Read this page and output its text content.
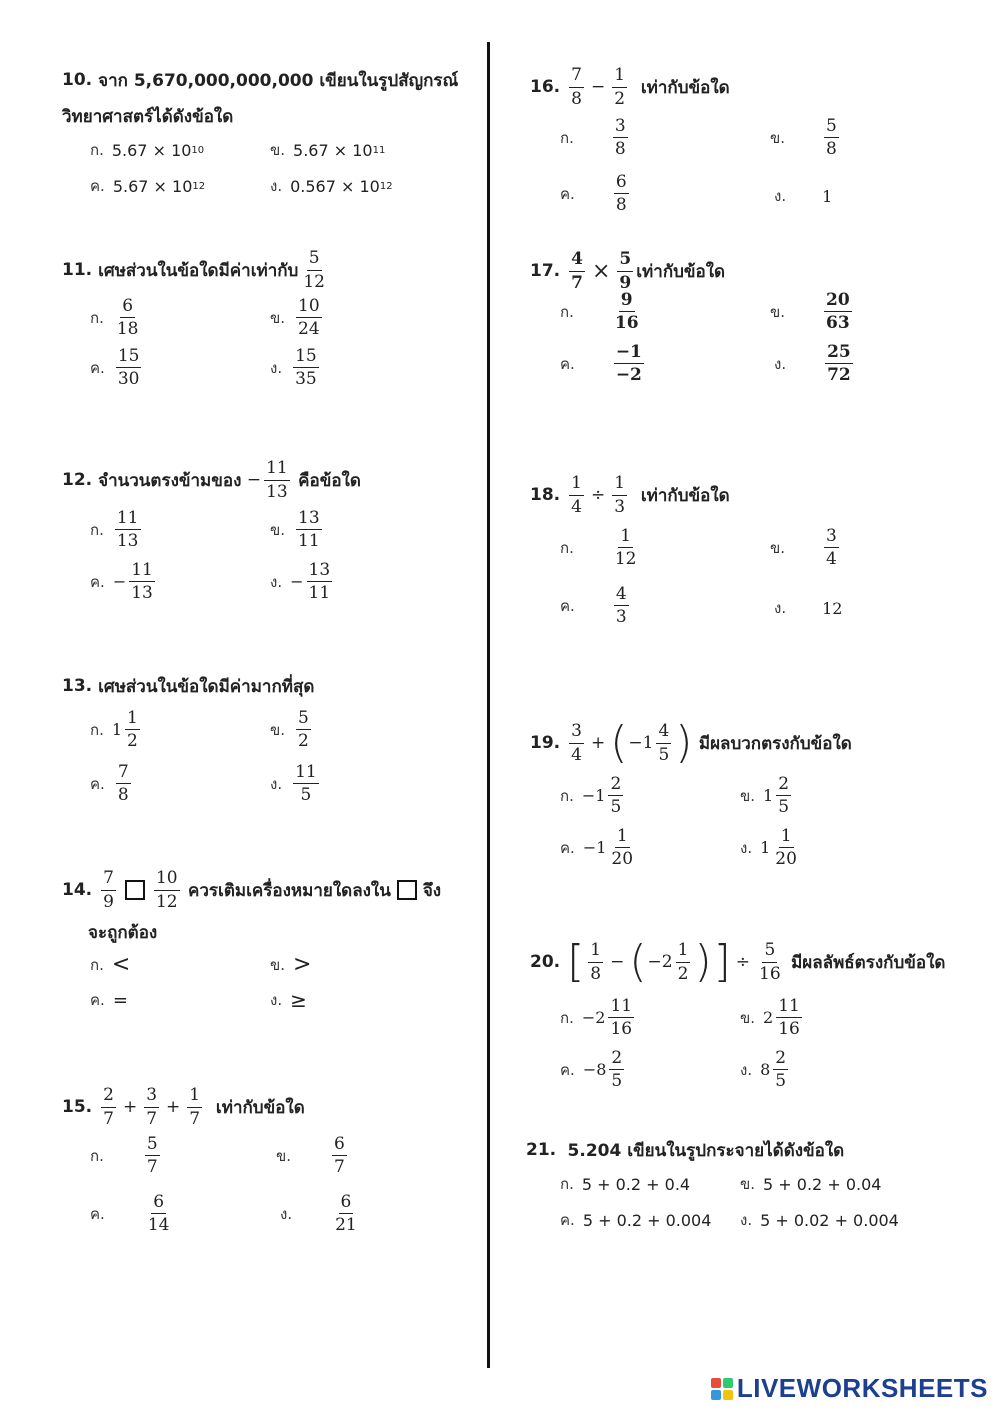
10. จาก 5,670,000,000,000 เขียนในรูปสัญกรณ์
วิทยาศาสตร์ได้ดังข้อใด
ก. 5.67 × 10 10	ข. 5.67 × 10 11
ค. 5.67 × 10 12	ง. 0.567 × 10 12
11. เศษส่วนในข้อใดมีค่าเท่ากับ $\frac{5}{12}$
ก. $\frac{6}{18}$	ข. $\frac{10}{24}$
ค. $\frac{15}{30}$	ง. $\frac{15}{35}$
12. จำนวนตรงข้ามของ
− $\frac{11}{13}$
คือข้อใด
ก. $\frac{11}{13}$	ข. $\frac{13}{11}$
ค. − $\frac{11}{13}$	ง. − $\frac{13}{11}$
13. เศษส่วนในข้อใดมีค่ามากที่สุด
ก. $1 \frac{1}{2}$	ข. $\frac{5}{2}$
ค. $\frac{7}{8}$	ง. $\frac{11}{5}$
14. $\frac{7}{9} \frac{10}{12}$
ควรเติมเครื่องหมายใดลงใน จึง
จะถูกต้อง
ก. <	ข. >
ค. =	ง. ≥
15. $\frac{2}{7} + \frac{3}{7} + \frac{1}{7}$
เท่ากับข้อใด
ก. $\frac{5}{7}$	ข. $\frac{6}{7}$
ค. $\frac{6}{14}$	ง. $\frac{6}{21}$
16. $\frac{7}{8} - \frac{1}{2}$
เท่ากับข้อใด
ก. $\frac{3}{8}$	ข. $\frac{5}{8}$
ค. $\frac{6}{8}$	ง. 1
17. $\frac{4}{7} \times \frac{5}{9}$ เท่ากับข้อใด
ก. $\frac{9}{16}$	ข. $\frac{20}{63}$
ค. $\frac{-1}{-2}$	ง. $\frac{25}{72}$
18. $\frac{1}{4} \div \frac{1}{3}$
เท่ากับข้อใด
ก. $\frac{1}{12}$	ข. $\frac{3}{4}$
ค. $\frac{4}{3}$	ง. 12
19. $\frac{3}{4}$ + ( − $1 \frac{4}{5}$ )
มีผลบวกตรงกับข้อใด
ก. − $1 \frac{2}{5}$	ข. $1 \frac{2}{5}$
ค. − $1 \frac{1}{20}$	ง. $1 \frac{1}{20}$
20. [ $\frac{1}{8}$ − ( − $2 \frac{1}{2}$ ) ] ÷ $\frac{5}{16}$
มีผลลัพธ์ตรงกับข้อใด
ก. − $2 \frac{11}{16}$	ข. $2 \frac{11}{16}$
ค. − $8 \frac{2}{5}$	ง. $8 \frac{2}{5}$
21.
5.204 เขียนในรูปกระจายได้ดังข้อใด
ก. 5 + 0.2 + 0.4	ข. 5 + 0.2 + 0.04
ค. 5 + 0.2 + 0.004 ง. 5 + 0.02 + 0.004
LIVEWORKSHEETS
